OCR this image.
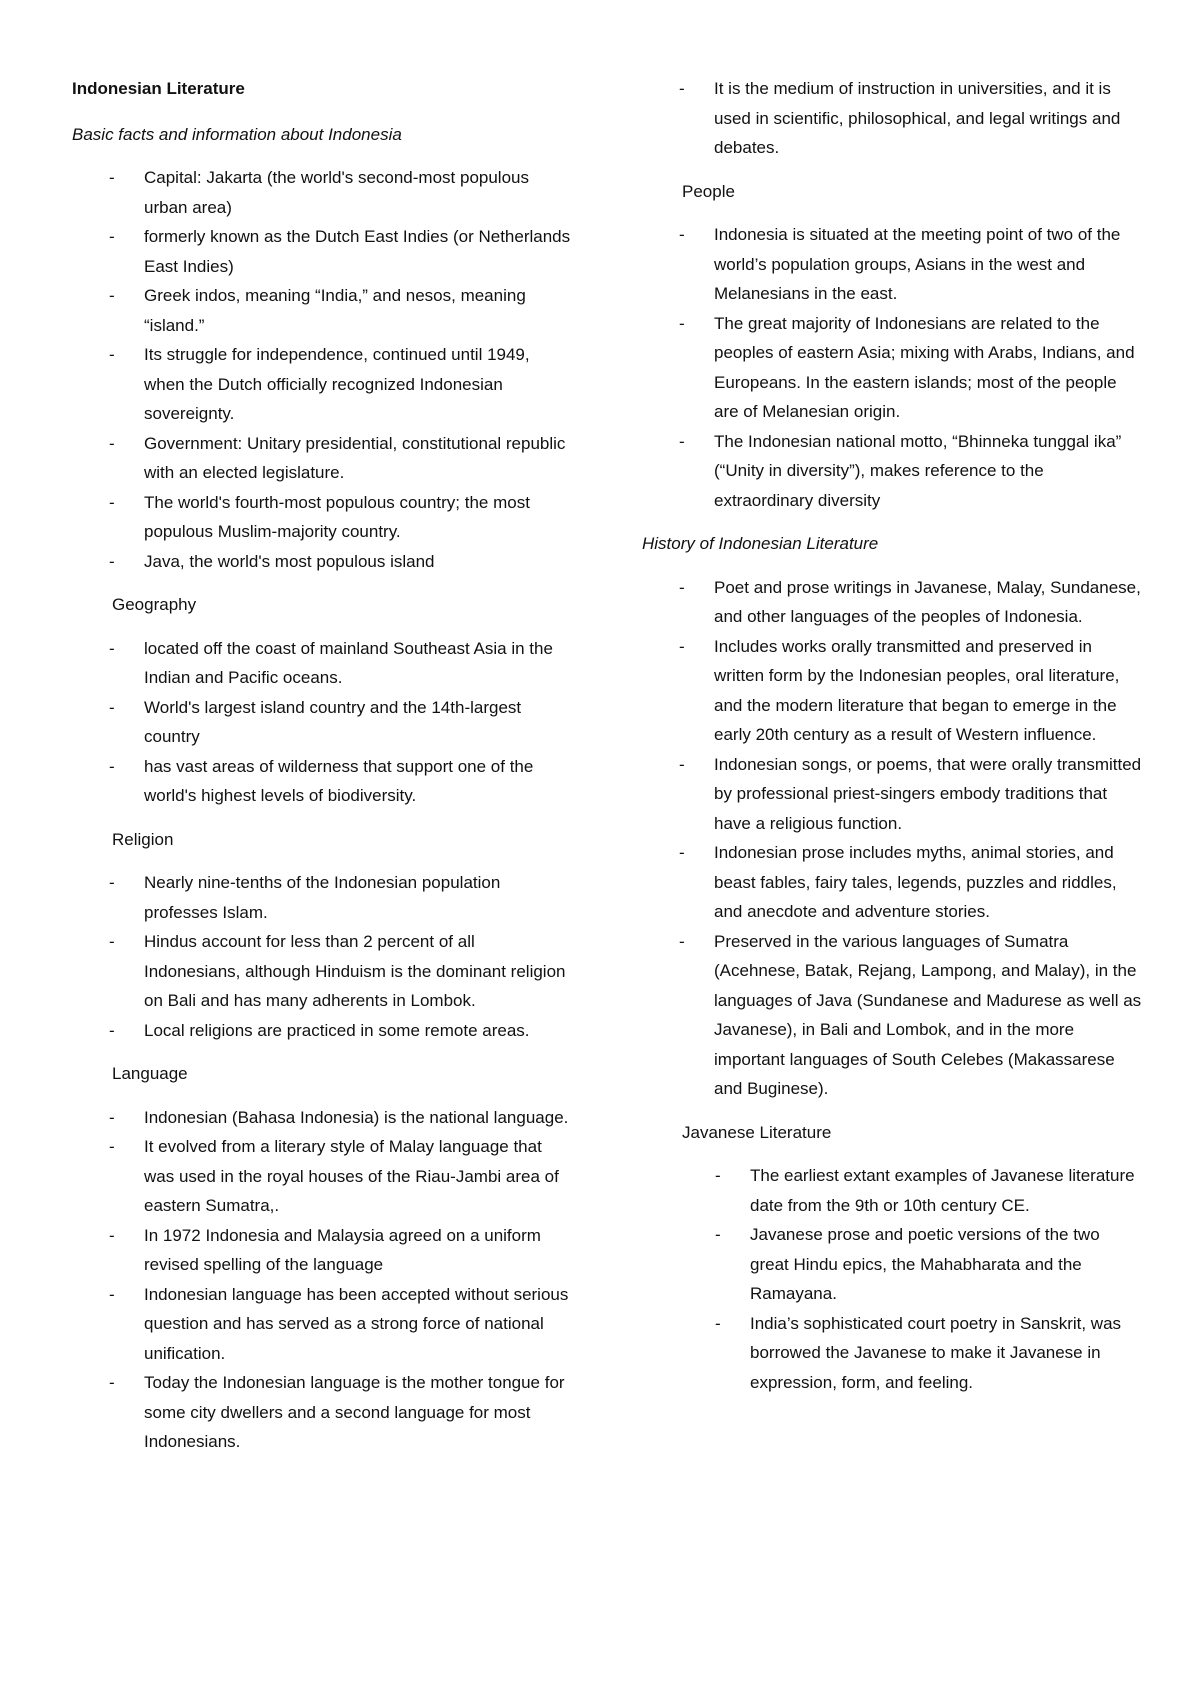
Indonesian Literature
Basic facts and information about Indonesia
- Capital: Jakarta (the world's second-most populous urban area)
- formerly known as the Dutch East Indies (or Netherlands East Indies)
- Greek indos, meaning “India,” and nesos, meaning “island.”
- Its struggle for independence, continued until 1949, when the Dutch officially recognized Indonesian sovereignty.
- Government: Unitary presidential, constitutional republic with an elected legislature.
- The world's fourth-most populous country; the most populous Muslim-majority country.
- Java, the world's most populous island
Geography
- located off the coast of mainland Southeast Asia in the Indian and Pacific oceans.
- World's largest island country and the 14th-largest country
- has vast areas of wilderness that support one of the world's highest levels of biodiversity.
Religion
- Nearly nine-tenths of the Indonesian population professes Islam.
- Hindus account for less than 2 percent of all Indonesians, although Hinduism is the dominant religion on Bali and has many adherents in Lombok.
- Local religions are practiced in some remote areas.
Language
- Indonesian (Bahasa Indonesia) is the national language.
- It evolved from a literary style of Malay language that was used in the royal houses of the Riau-Jambi area of eastern Sumatra,.
- In 1972 Indonesia and Malaysia agreed on a uniform revised spelling of the language
- Indonesian language has been accepted without serious question and has served as a strong force of national unification.
- Today the Indonesian language is the mother tongue for some city dwellers and a second language for most Indonesians.
- It is the medium of instruction in universities, and it is used in scientific, philosophical, and legal writings and debates.
People
- Indonesia is situated at the meeting point of two of the world’s population groups, Asians in the west and Melanesians in the east.
- The great majority of Indonesians are related to the peoples of eastern Asia; mixing with Arabs, Indians, and Europeans. In the eastern islands; most of the people are of Melanesian origin.
- The Indonesian national motto, “Bhinneka tunggal ika” (“Unity in diversity”), makes reference to the extraordinary diversity
History of Indonesian Literature
- Poet and prose writings in Javanese, Malay, Sundanese, and other languages of the peoples of Indonesia.
- Includes works orally transmitted and preserved in written form by the Indonesian peoples, oral literature, and the modern literature that began to emerge in the early 20th century as a result of Western influence.
- Indonesian songs, or poems, that were orally transmitted by professional priest-singers embody traditions that have a religious function.
- Indonesian prose includes myths, animal stories, and beast fables, fairy tales, legends, puzzles and riddles, and anecdote and adventure stories.
- Preserved in the various languages of Sumatra (Acehnese, Batak, Rejang, Lampong, and Malay), in the languages of Java (Sundanese and Madurese as well as Javanese), in Bali and Lombok, and in the more important languages of South Celebes (Makassarese and Buginese).
Javanese Literature
- The earliest extant examples of Javanese literature date from the 9th or 10th century CE.
- Javanese prose and poetic versions of the two great Hindu epics, the Mahabharata and the Ramayana.
- India’s sophisticated court poetry in Sanskrit, was borrowed the Javanese to make it Javanese in expression, form, and feeling.
